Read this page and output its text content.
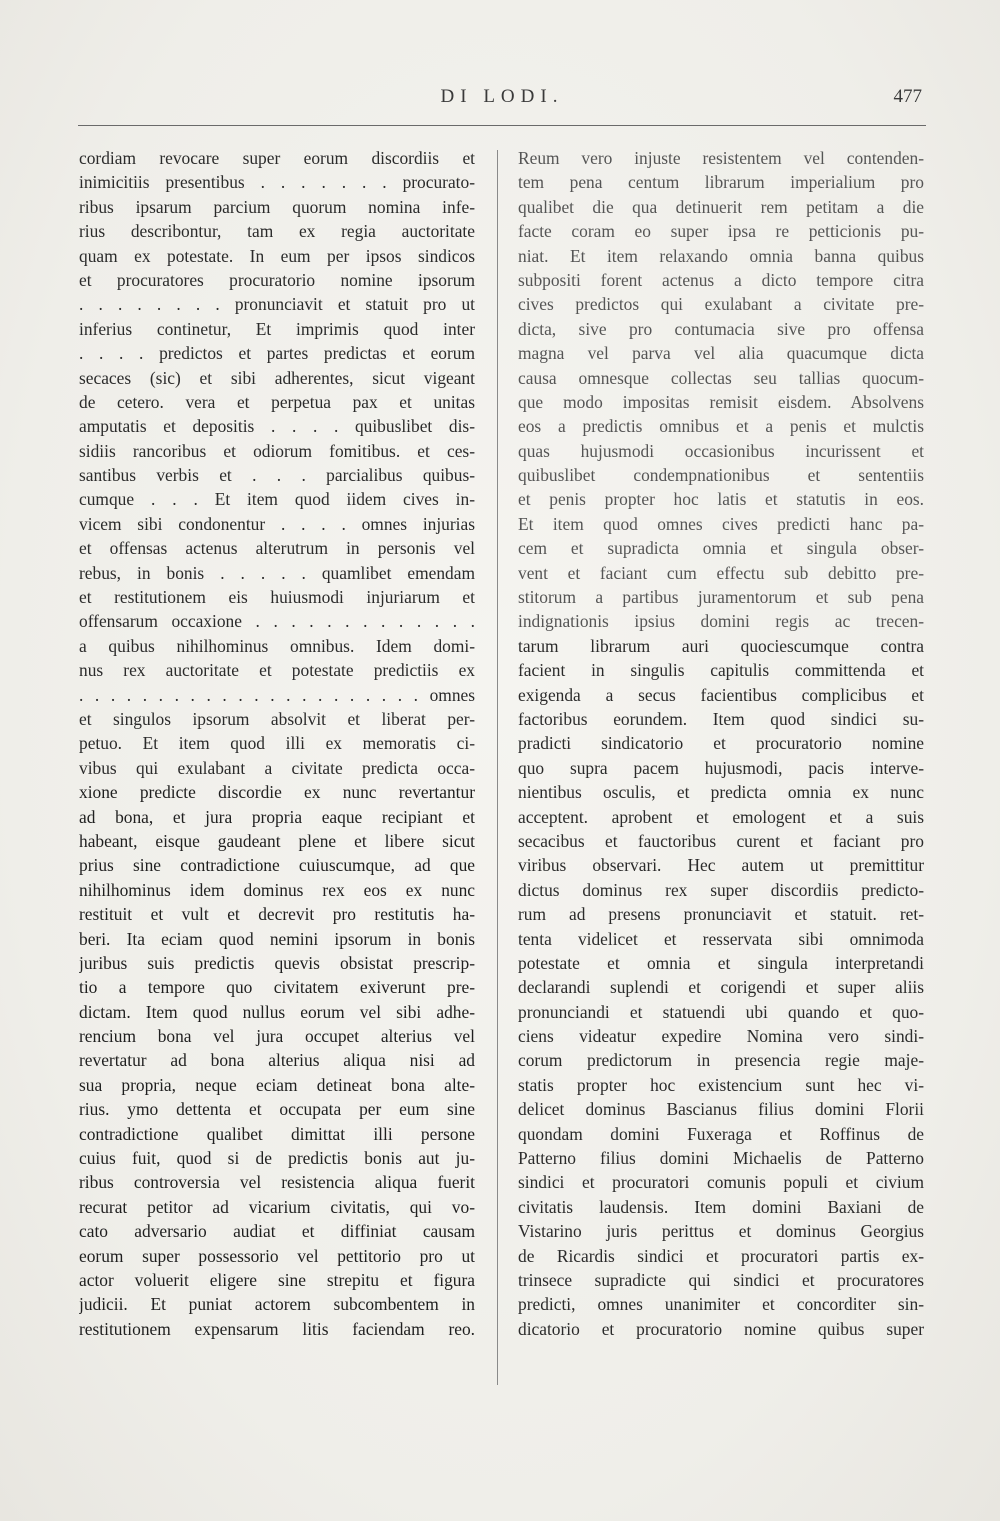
DI LODI.	477
cordiam revocare super eorum discordiis et
inimicitiis presentibus . . . . . . . procurato-
ribus ipsarum parcium quorum nomina infe-
rius describontur, tam ex regia auctoritate
quam ex potestate. In eum per ipsos sindicos
et procuratores procuratorio nomine ipsorum
. . . . . . . . pronunciavit et statuit pro ut
inferius continetur, Et imprimis quod inter
. . . . predictos et partes predictas et eorum
secaces (sic) et sibi adherentes, sicut vigeant
de cetero. vera et perpetua pax et unitas
amputatis et depositis . . . . quibuslibet dis-
sidiis rancoribus et odiorum fomitibus. et ces-
santibus verbis et . . . parcialibus quibus-
cumque . . . Et item quod iidem cives in-
vicem sibi condonentur . . . . omnes injurias
et offensas actenus alterutrum in personis vel
rebus, in bonis . . . . . quamlibet emendam
et restitutionem eis huiusmodi injuriarum et
offensarum occaxione . . . . . . . . . . . . .
a quibus nihilhominus omnibus. Idem domi-
nus rex auctoritate et potestate predictiis ex
. . . . . . . . . . . . . . . . . . . . . . omnes
et singulos ipsorum absolvit et liberat per-
petuo. Et item quod illi ex memoratis ci-
vibus qui exulabant a civitate predicta occa-
xione predicte discordie ex nunc revertantur
ad bona, et jura propria eaque recipiant et
habeant, eisque gaudeant plene et libere sicut
prius sine contradictione cuiuscumque, ad que
nihilhominus idem dominus rex eos ex nunc
restituit et vult et decrevit pro restitutis ha-
beri. Ita eciam quod nemini ipsorum in bonis
juribus suis predictis quevis obsistat prescrip-
tio a tempore quo civitatem exiverunt pre-
dictam. Item quod nullus eorum vel sibi adhe-
rencium bona vel jura occupet alterius vel
revertatur ad bona alterius aliqua nisi ad
sua propria, neque eciam detineat bona alte-
rius. ymo dettenta et occupata per eum sine
contradictione qualibet dimittat illi persone
cuius fuit, quod si de predictis bonis aut ju-
ribus controversia vel resistencia aliqua fuerit
recurat petitor ad vicarium civitatis, qui vo-
cato adversario audiat et diffiniat causam
eorum super possessorio vel pettitorio pro ut
actor voluerit eligere sine strepitu et figura
judicii. Et puniat actorem subcombentem in
restitutionem expensarum litis faciendam reo.
Reum vero injuste resistentem vel contenden-
tem pena centum librarum imperialium pro
qualibet die qua detinuerit rem petitam a die
facte coram eo super ipsa re petticionis pu-
niat. Et item relaxando omnia banna quibus
subpositi forent actenus a dicto tempore citra
cives predictos qui exulabant a civitate pre-
dicta, sive pro contumacia sive pro offensa
magna vel parva vel alia quacumque dicta
causa omnesque collectas seu tallias quocum-
que modo impositas remisit eisdem. Absolvens
eos a predictis omnibus et a penis et mulctis
quas hujusmodi occasionibus incurissent et
quibuslibet condempnationibus et sententiis
et penis propter hoc latis et statutis in eos.
Et item quod omnes cives predicti hanc pa-
cem et supradicta omnia et singula obser-
vent et faciant cum effectu sub debitto pre-
stitorum a partibus juramentorum et sub pena
indignationis ipsius domini regis ac trecen-
tarum librarum auri quociescumque contra
facient in singulis capitulis committenda et
exigenda a secus facientibus complicibus et
factoribus eorundem. Item quod sindici su-
pradicti sindicatorio et procuratorio nomine
quo supra pacem hujusmodi, pacis interve-
nientibus osculis, et predicta omnia ex nunc
acceptent. aprobent et emologent et a suis
secacibus et fauctoribus curent et faciant pro
viribus observari. Hec autem ut premittitur
dictus dominus rex super discordiis predicto-
rum ad presens pronunciavit et statuit. ret-
tenta videlicet et resservata sibi omnimoda
potestate et omnia et singula interpretandi
declarandi suplendi et corigendi et super aliis
pronunciandi et statuendi ubi quando et quo-
ciens videatur expedire Nomina vero sindi-
corum predictorum in presencia regie maje-
statis propter hoc existencium sunt hec vi-
delicet dominus Bascianus filius domini Florii
quondam domini Fuxeraga et Roffinus de
Patterno filius domini Michaelis de Patterno
sindici et procuratori comunis populi et civium
civitatis laudensis. Item domini Baxiani de
Vistarino juris perittus et dominus Georgius
de Ricardis sindici et procuratori partis ex-
trinsece supradicte qui sindici et procuratores
predicti, omnes unanimiter et concorditer sin-
dicatorio et procuratorio nomine quibus super
